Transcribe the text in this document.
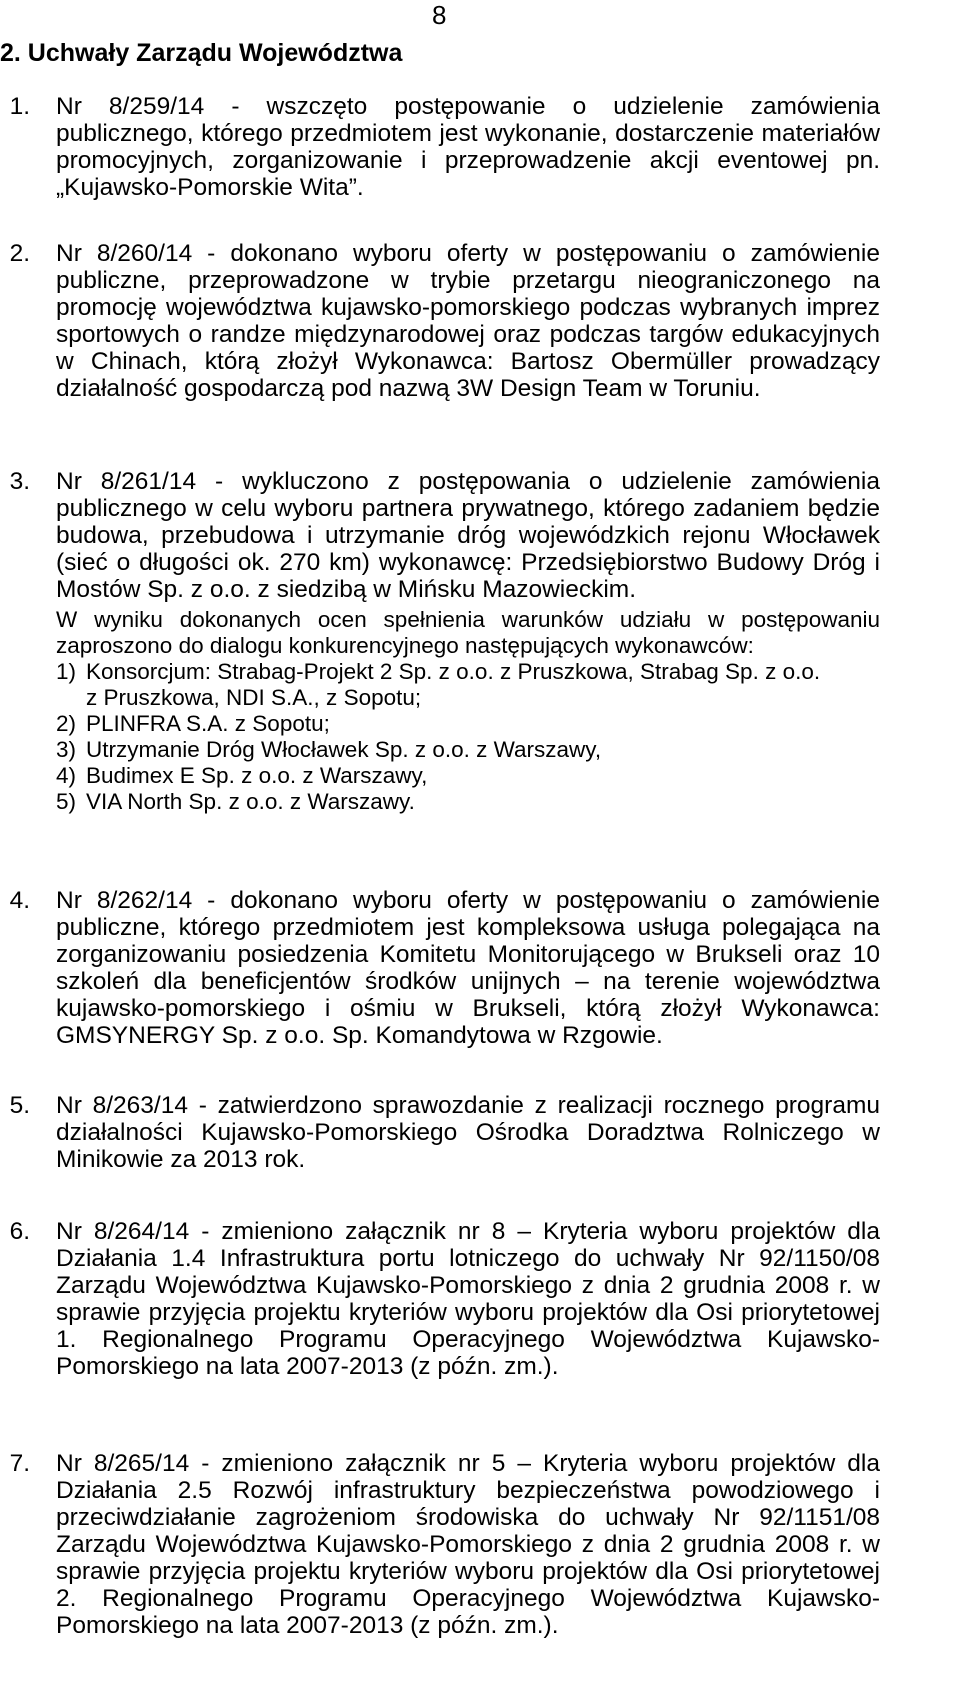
8
2. Uchwały Zarządu Województwa
1. Nr 8/259/14 - wszczęto postępowanie o udzielenie zamówienia publicznego, którego przedmiotem jest wykonanie, dostarczenie materiałów promocyjnych, zorganizowanie i przeprowadzenie akcji eventowej pn. „Kujawsko-Pomorskie Wita”.
2. Nr 8/260/14 - dokonano wyboru oferty w postępowaniu o zamówienie publiczne, przeprowadzone w trybie przetargu nieograniczonego na promocję województwa kujawsko-pomorskiego podczas wybranych imprez sportowych o randze międzynarodowej oraz podczas targów edukacyjnych w Chinach, którą złożył Wykonawca: Bartosz Obermüller prowadzący działalność gospodarczą pod nazwą 3W Design Team w Toruniu.
3. Nr 8/261/14 - wykluczono z postępowania o udzielenie zamówienia publicznego w celu wyboru partnera prywatnego, którego zadaniem będzie budowa, przebudowa i utrzymanie dróg wojewódzkich rejonu Włocławek (sieć o długości ok. 270 km) wykonawcę: Przedsiębiorstwo Budowy Dróg i Mostów Sp. z o.o. z siedzibą w Mińsku Mazowieckim.
W wyniku dokonanych ocen spełnienia warunków udziału w postępowaniu zaproszono do dialogu konkurencyjnego następujących wykonawców:
1) Konsorcjum: Strabag-Projekt 2 Sp. z o.o. z Pruszkowa, Strabag Sp. z o.o.
z Pruszkowa, NDI S.A., z Sopotu;
2) PLINFRA S.A. z Sopotu;
3) Utrzymanie Dróg Włocławek Sp. z o.o. z Warszawy,
4) Budimex E Sp. z o.o. z Warszawy,
5) VIA North Sp. z o.o. z Warszawy.
4. Nr 8/262/14 - dokonano wyboru oferty w postępowaniu o zamówienie publiczne, którego przedmiotem jest kompleksowa usługa polegająca na zorganizowaniu posiedzenia Komitetu Monitorującego w Brukseli oraz 10 szkoleń dla beneficjentów środków unijnych – na terenie województwa kujawsko-pomorskiego i ośmiu w Brukseli, którą złożył Wykonawca: GMSYNERGY Sp. z o.o. Sp. Komandytowa w Rzgowie.
5. Nr 8/263/14 - zatwierdzono sprawozdanie z realizacji rocznego programu działalności Kujawsko-Pomorskiego Ośrodka Doradztwa Rolniczego w Minikowie za 2013 rok.
6. Nr 8/264/14 - zmieniono załącznik nr 8 – Kryteria wyboru projektów dla Działania 1.4 Infrastruktura portu lotniczego do uchwały Nr 92/1150/08 Zarządu Województwa Kujawsko-Pomorskiego z dnia 2 grudnia 2008 r. w sprawie przyjęcia projektu kryteriów wyboru projektów dla Osi priorytetowej 1. Regionalnego Programu Operacyjnego Województwa Kujawsko-Pomorskiego na lata 2007-2013 (z późn. zm.).
7. Nr 8/265/14 - zmieniono załącznik nr 5 – Kryteria wyboru projektów dla Działania 2.5 Rozwój infrastruktury bezpieczeństwa powodziowego i przeciwdziałanie zagrożeniom środowiska do uchwały Nr 92/1151/08 Zarządu Województwa Kujawsko-Pomorskiego z dnia 2 grudnia 2008 r. w sprawie przyjęcia projektu kryteriów wyboru projektów dla Osi priorytetowej 2. Regionalnego Programu Operacyjnego Województwa Kujawsko-Pomorskiego na lata 2007-2013 (z późn. zm.).
